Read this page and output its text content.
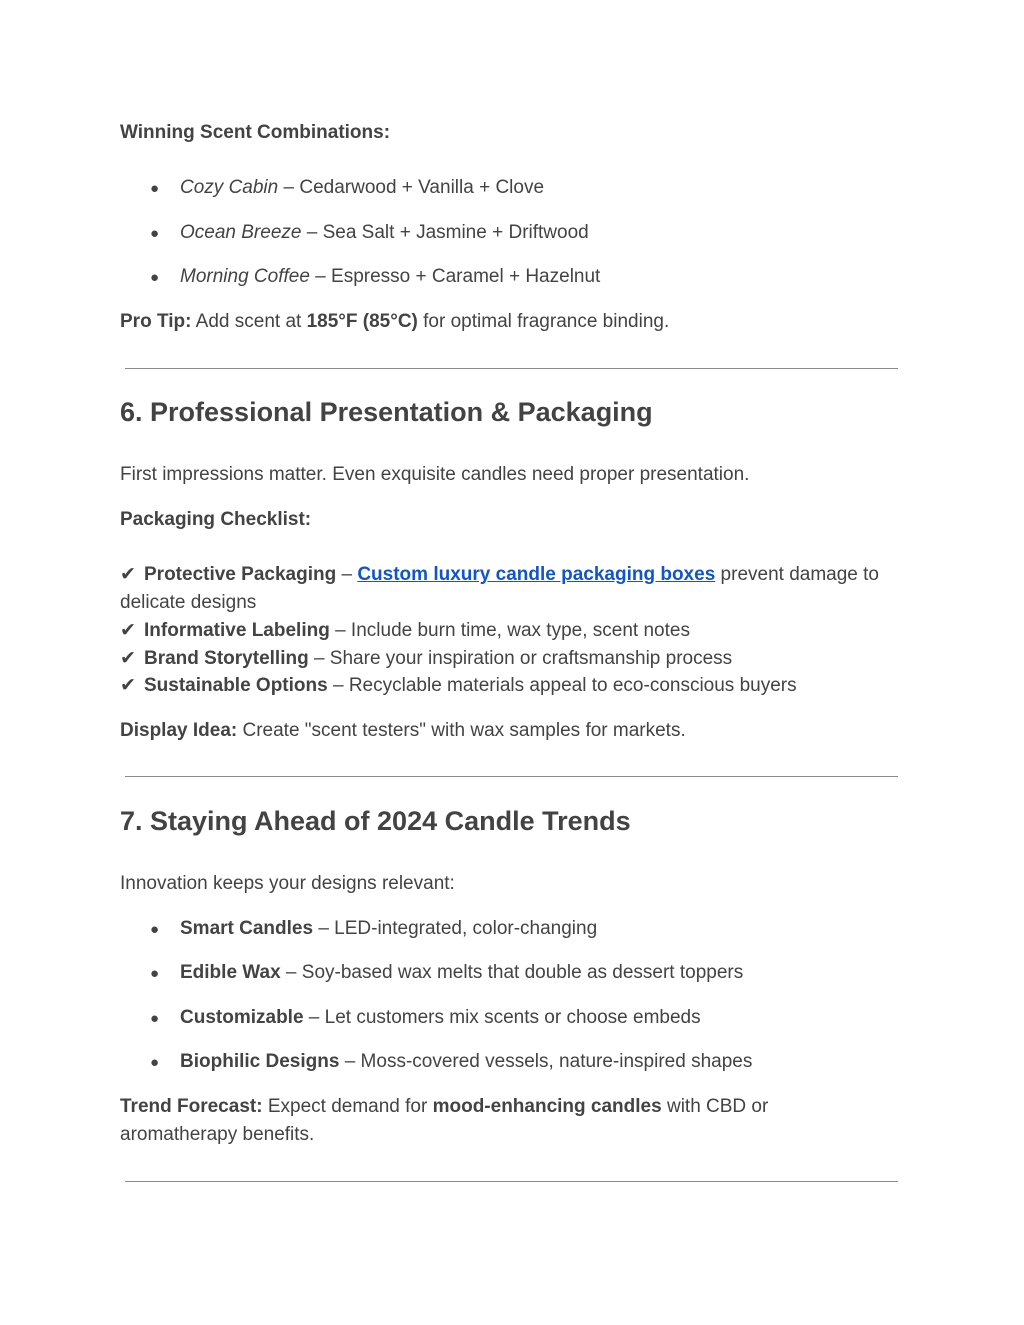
Winning Scent Combinations:

● Cozy Cabin – Cedarwood + Vanilla + Clove
● Ocean Breeze – Sea Salt + Jasmine + Driftwood
● Morning Coffee – Espresso + Caramel + Hazelnut

Pro Tip: Add scent at 185°F (85°C) for optimal fragrance binding.

6. Professional Presentation & Packaging

First impressions matter. Even exquisite candles need proper presentation.

Packaging Checklist:

✔ Protective Packaging – Custom luxury candle packaging boxes prevent damage to

delicate designs

✔ Informative Labeling – Include burn time, wax type, scent notes

✔ Brand Storytelling – Share your inspiration or craftsmanship process

✔ Sustainable Options – Recyclable materials appeal to eco-conscious buyers

Display Idea: Create "scent testers" with wax samples for markets.

7. Staying Ahead of 2024 Candle Trends

Innovation keeps your designs relevant:

● Smart Candles – LED-integrated, color-changing
● Edible Wax – Soy-based wax melts that double as dessert toppers
● Customizable – Let customers mix scents or choose embeds
● Biophilic Designs – Moss-covered vessels, nature-inspired shapes

Trend Forecast: Expect demand for mood-enhancing candles with CBD or

aromatherapy benefits.
